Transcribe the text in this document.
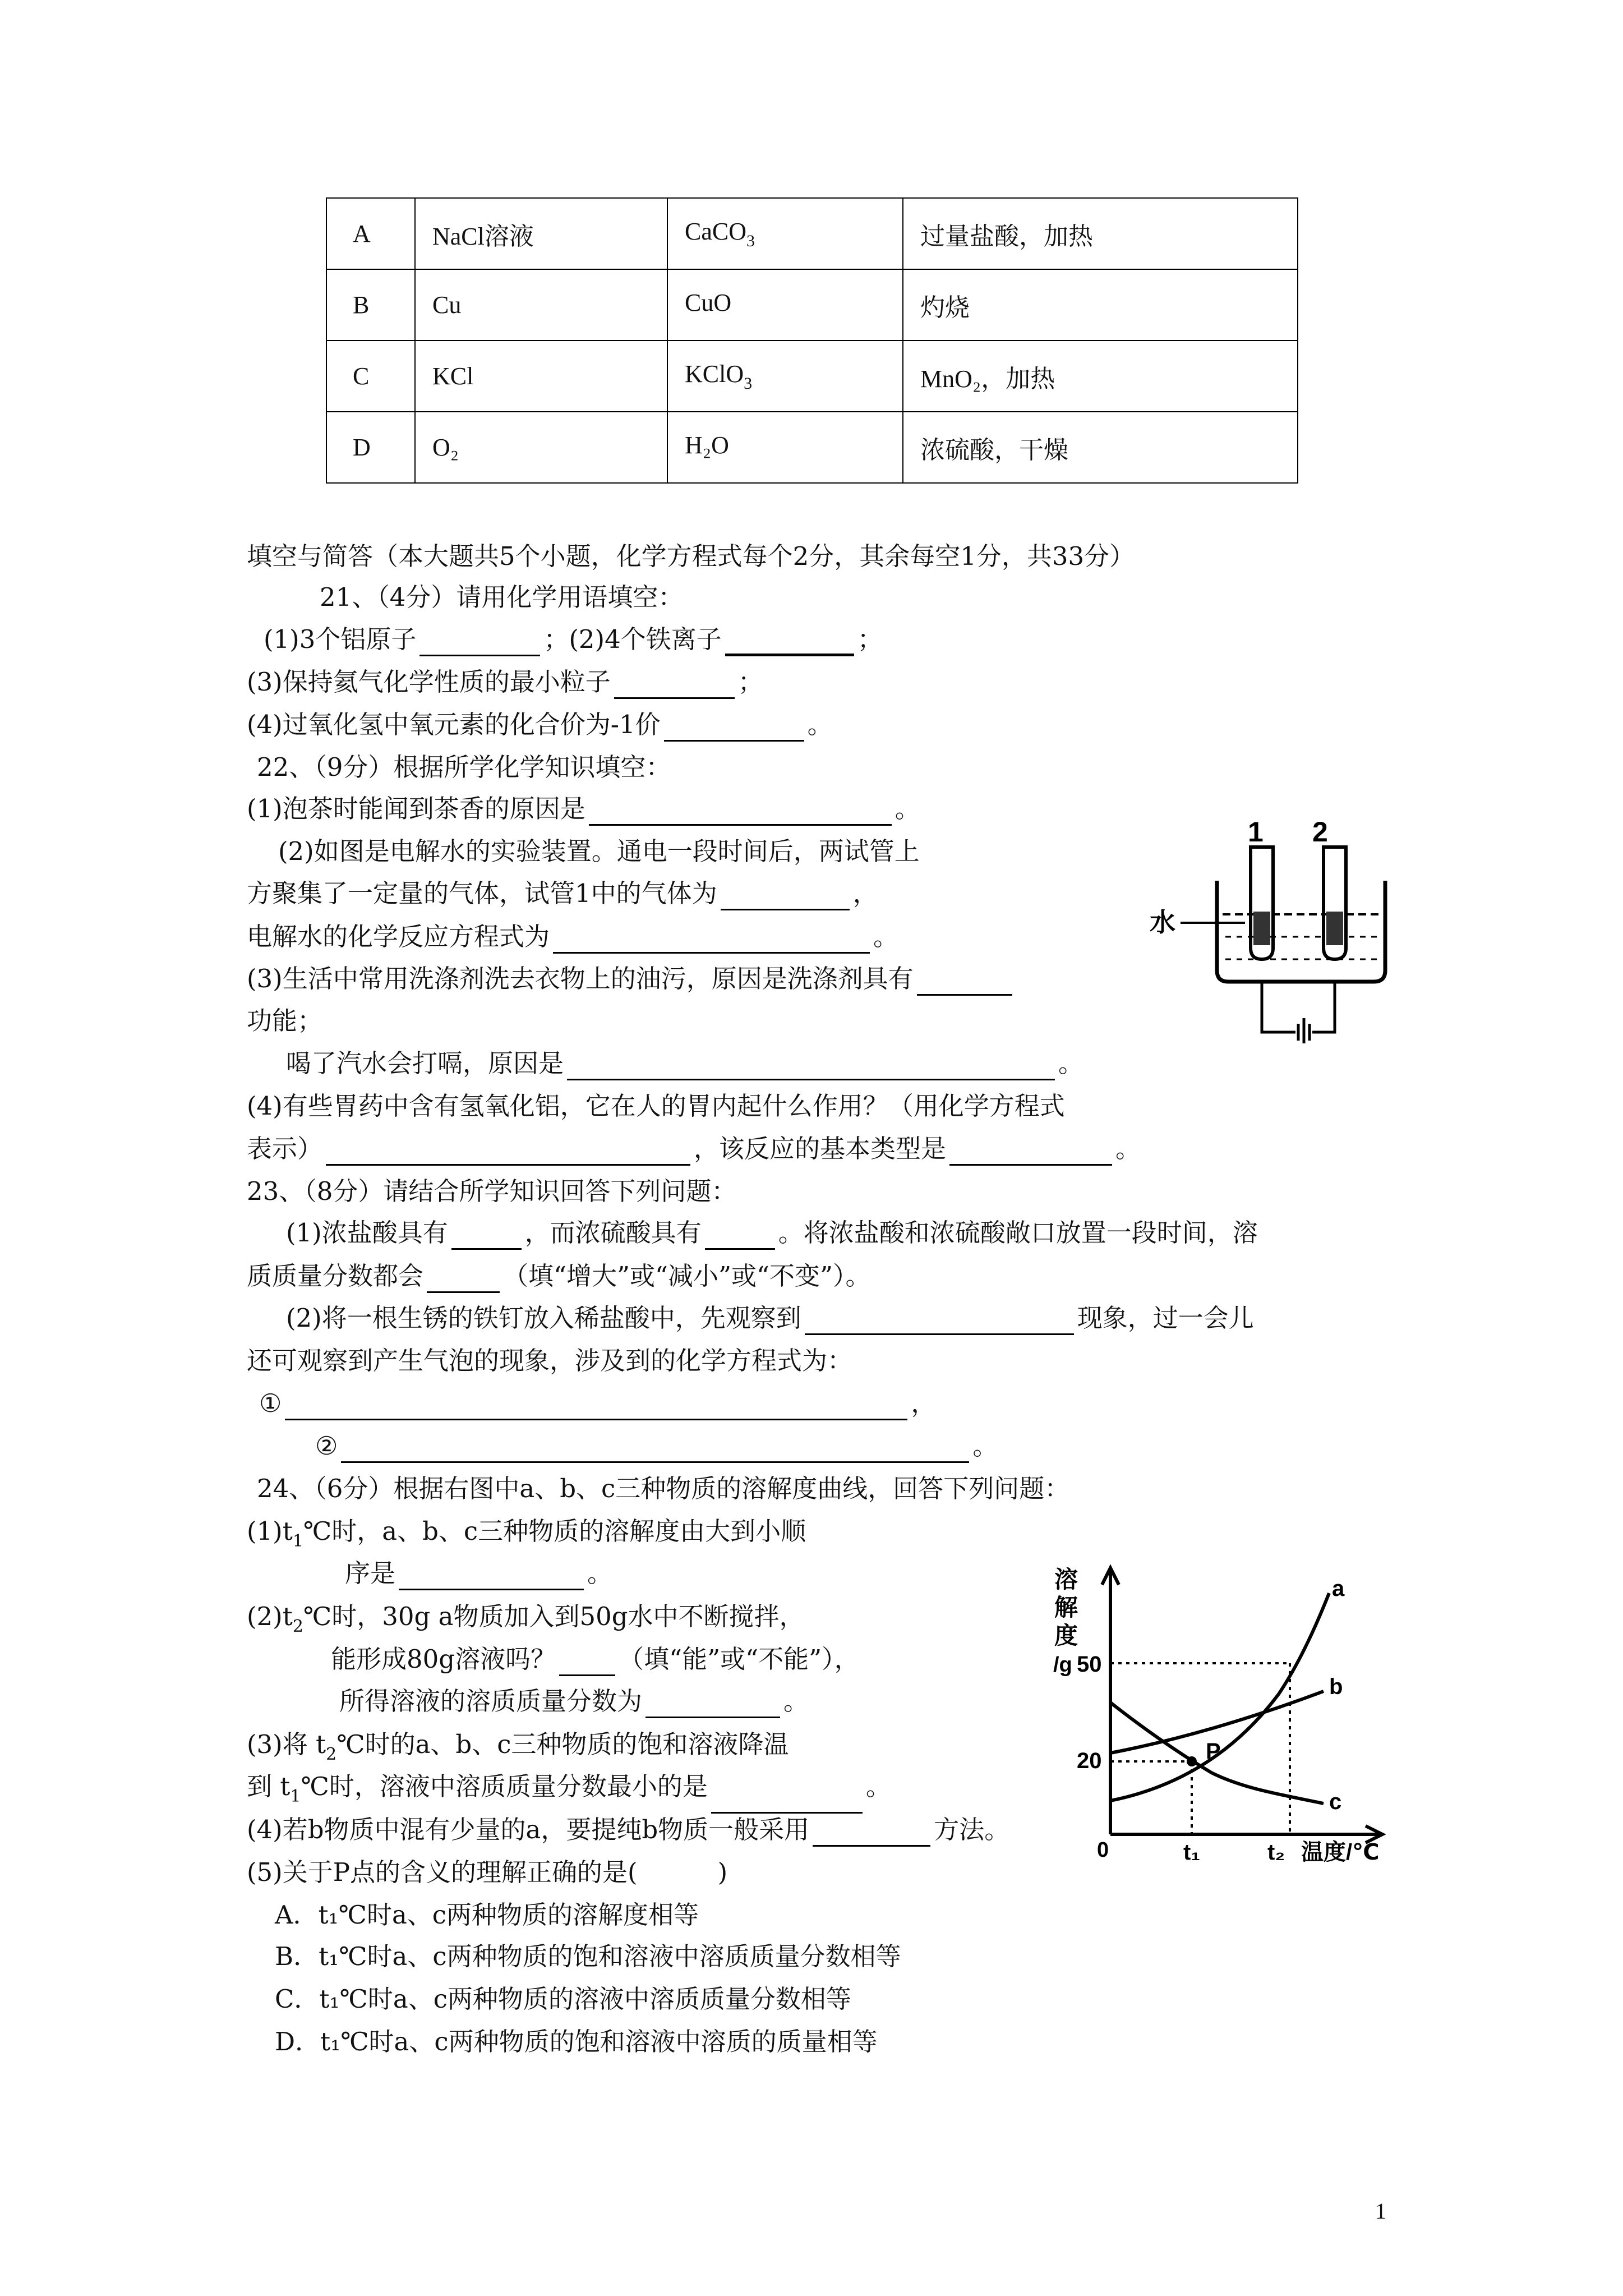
A	NaCl溶液	CaCO$_3$	过量盐酸，加热
B	Cu	CuO	灼烧
C	KCl	KClO$_3$	MnO₂，加热
D	O₂	H₂O	浓硫酸，干燥
填空与简答（本大题共5个小题，化学方程式每个2分，其余每空1分，共33分）
21、（4分）请用化学用语填空：
(1)3个铝原子	；(2)4个铁离子	；
(3)保持氦气化学性质的最小粒子	；
(4)过氧化氢中氧元素的化合价为-1价	。
22、（9分）根据所学化学知识填空：
(1)泡茶时能闻到茶香的原因是	。
(2)如图是电解水的实验装置。通电一段时间后，两试管上
方聚集了一定量的气体，试管1中的气体为	，
电解水的化学反应方程式为	。
(3)生活中常用洗涤剂洗去衣物上的油污，原因是洗涤剂具有
功能；
喝了汽水会打嗝，原因是	。
(4)有些胃药中含有氢氧化铝，它在人的胃内起什么作用？（用化学方程式
表示）	，该反应的基本类型是	。
1 2
水
23、（8分）请结合所学知识回答下列问题：
(1)浓盐酸具有	，而浓硫酸具有	。将浓盐酸和浓硫酸敞口放置一段时间，溶
质质量分数都会	（填“增大”或“减小”或“不变”）。
(2)将一根生锈的铁钉放入稀盐酸中，先观察到	现象，过一会儿
还可观察到产生气泡的现象，涉及到的化学方程式为：
①	，
②	。
24、（6分）根据右图中a、b、c三种物质的溶解度曲线，回答下列问题：
$(1)t_1℃$时，a、b、c三种物质的溶解度由大到小顺
序是	。
$(2)t_2℃$时，30g a物质加入到50g水中不断搅拌，
能形成80g溶液吗？ （填“能”或“不能”），
所得溶液的溶质质量分数为	。
(3)将 $t_2℃$时的a、b、c三种物质的饱和溶液降温
到 $t_1℃$时，溶液中溶质质量分数最小的是	。
(4)若b物质中混有少量的a，要提纯b物质一般采用	方法。
(5)关于P点的含义的理解正确的是(          )
A．t₁℃时a、c两种物质的溶解度相等
B．t₁℃时a、c两种物质的饱和溶液中溶质质量分数相等
C．t₁℃时a、c两种物质的溶液中溶质质量分数相等
D．t₁℃时a、c两种物质的饱和溶液中溶质的质量相等
溶
解
度
/g 50
20
0	t₁	t₂ 温度/℃
P
a
b
c
1
